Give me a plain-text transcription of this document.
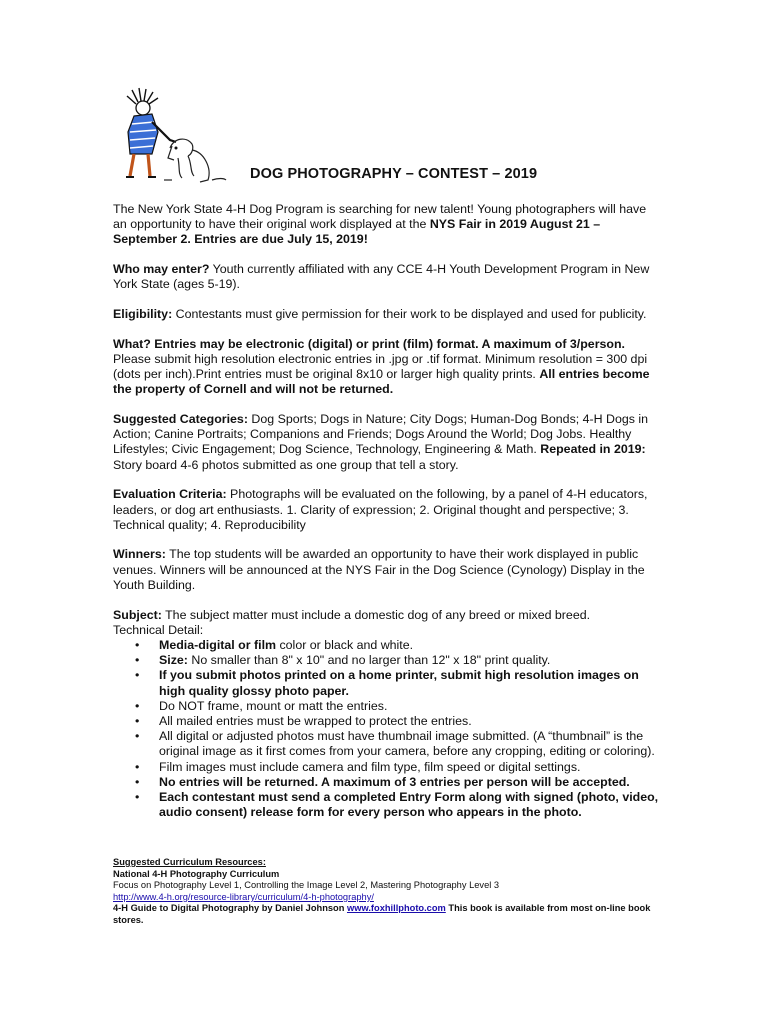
DOG PHOTOGRAPHY – CONTEST – 2019

The New York State 4-H Dog Program is searching for new talent! Young photographers will have an opportunity to have their original work displayed at the NYS Fair in 2019 August 21 – September 2. Entries are due July 15, 2019!

Who may enter? Youth currently affiliated with any CCE 4-H Youth Development Program in New York State (ages 5-19).

Eligibility: Contestants must give permission for their work to be displayed and used for publicity.

What? Entries may be electronic (digital) or print (film) format. A maximum of 3/person. Please submit high resolution electronic entries in .jpg or .tif format. Minimum resolution = 300 dpi (dots per inch).Print entries must be original 8x10 or larger high quality prints. All entries become the property of Cornell and will not be returned.

Suggested Categories: Dog Sports; Dogs in Nature; City Dogs; Human-Dog Bonds; 4-H Dogs in Action; Canine Portraits; Companions and Friends; Dogs Around the World; Dog Jobs. Healthy Lifestyles; Civic Engagement; Dog Science, Technology, Engineering & Math. Repeated in 2019: Story board 4-6 photos submitted as one group that tell a story.

Evaluation Criteria: Photographs will be evaluated on the following, by a panel of 4-H educators, leaders, or dog art enthusiasts. 1. Clarity of expression; 2. Original thought and perspective; 3. Technical quality; 4. Reproducibility

Winners: The top students will be awarded an opportunity to have their work displayed in public venues. Winners will be announced at the NYS Fair in the Dog Science (Cynology) Display in the Youth Building.

Subject: The subject matter must include a domestic dog of any breed or mixed breed.
Technical Detail:
• Media-digital or film color or black and white.
• Size: No smaller than 8" x 10" and no larger than 12" x 18" print quality.
• If you submit photos printed on a home printer, submit high resolution images on high quality glossy photo paper.
• Do NOT frame, mount or matt the entries.
• All mailed entries must be wrapped to protect the entries.
• All digital or adjusted photos must have thumbnail image submitted. (A “thumbnail” is the original image as it first comes from your camera, before any cropping, editing or coloring).
• Film images must include camera and film type, film speed or digital settings.
• No entries will be returned. A maximum of 3 entries per person will be accepted.
• Each contestant must send a completed Entry Form along with signed (photo, video, audio consent) release form for every person who appears in the photo.
Suggested Curriculum Resources:
National 4-H Photography Curriculum
Focus on Photography Level 1, Controlling the Image Level 2, Mastering Photography Level 3
http://www.4-h.org/resource-library/curriculum/4-h-photography/
4-H Guide to Digital Photography by Daniel Johnson www.foxhillphoto.com This book is available from most on-line book stores.
